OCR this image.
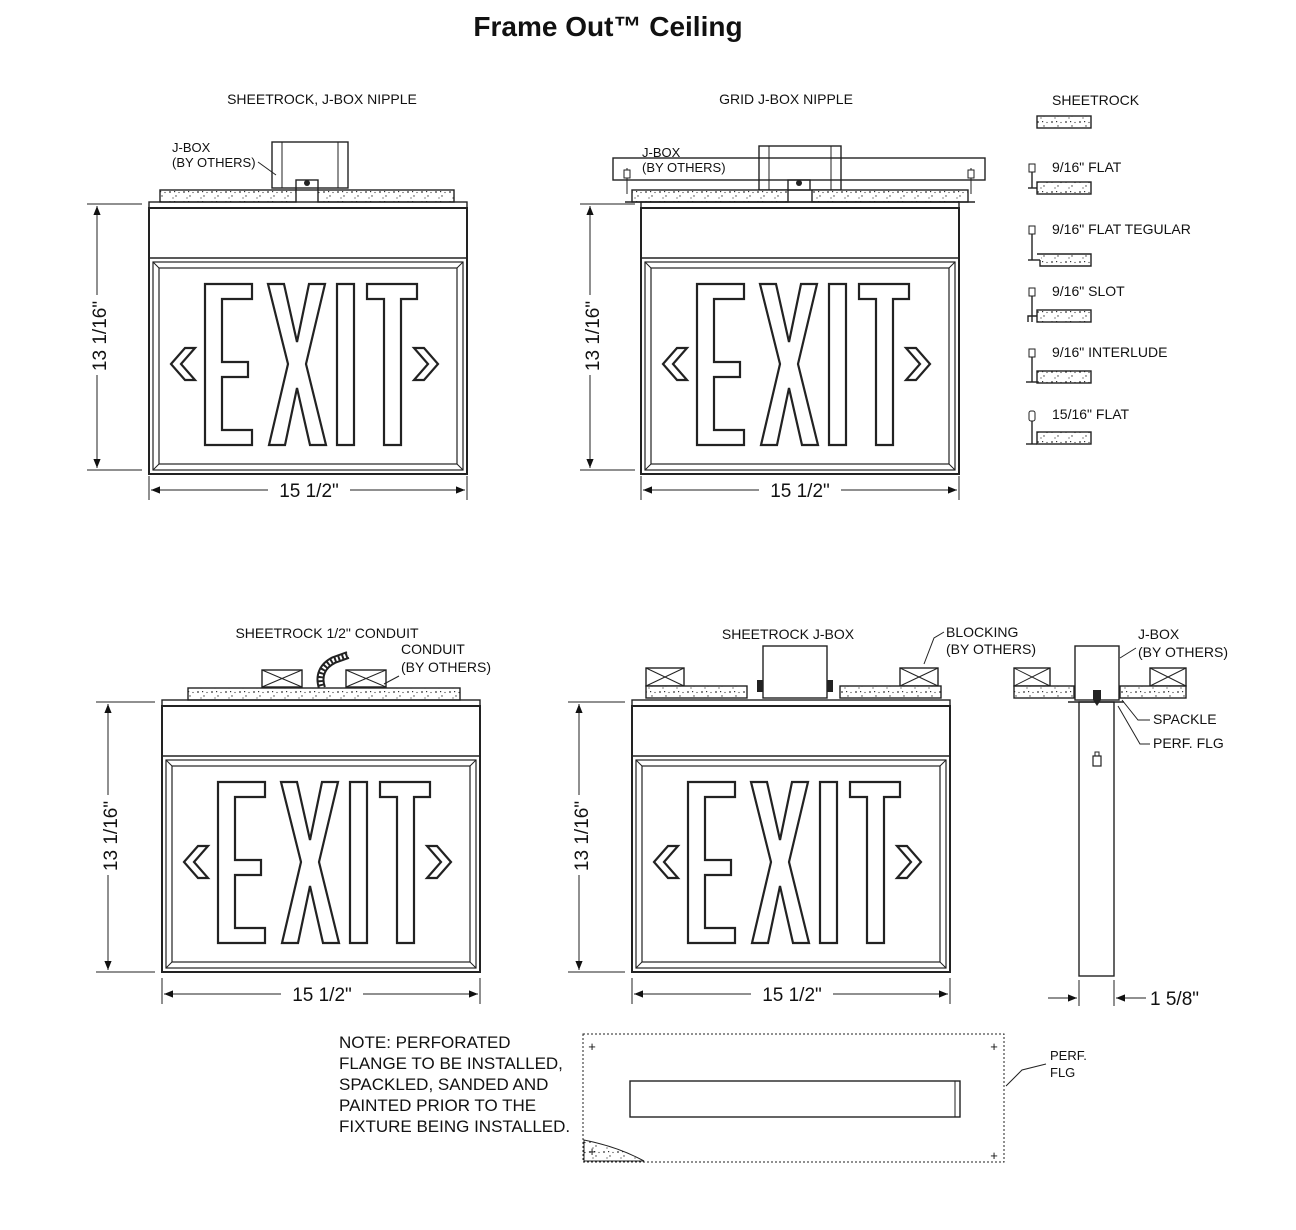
Frame Out™ Ceiling
SHEETROCK, J-BOX NIPPLE
J-BOX
(BY OTHERS)
13 1/16"
15 1/2"
GRID J-BOX NIPPLE
J-BOX
(BY OTHERS)
13 1/16"
15 1/2"
SHEETROCK
9/16" FLAT
9/16" FLAT TEGULAR
9/16" SLOT
9/16" INTERLUDE
15/16" FLAT
SHEETROCK 1/2" CONDUIT
CONDUIT
(BY OTHERS)
13 1/16"
15 1/2"
SHEETROCK J-BOX	BLOCKING
(BY OTHERS)
13 1/16"
15 1/2"
J-BOX
(BY OTHERS)
SPACKLE
PERF. FLG
1 5/8"
NOTE: PERFORATED
FLANGE TO BE INSTALLED,
SPACKLED, SANDED AND
PAINTED PRIOR TO THE
FIXTURE BEING INSTALLED.
+	+
+
+
PERF.
FLG
